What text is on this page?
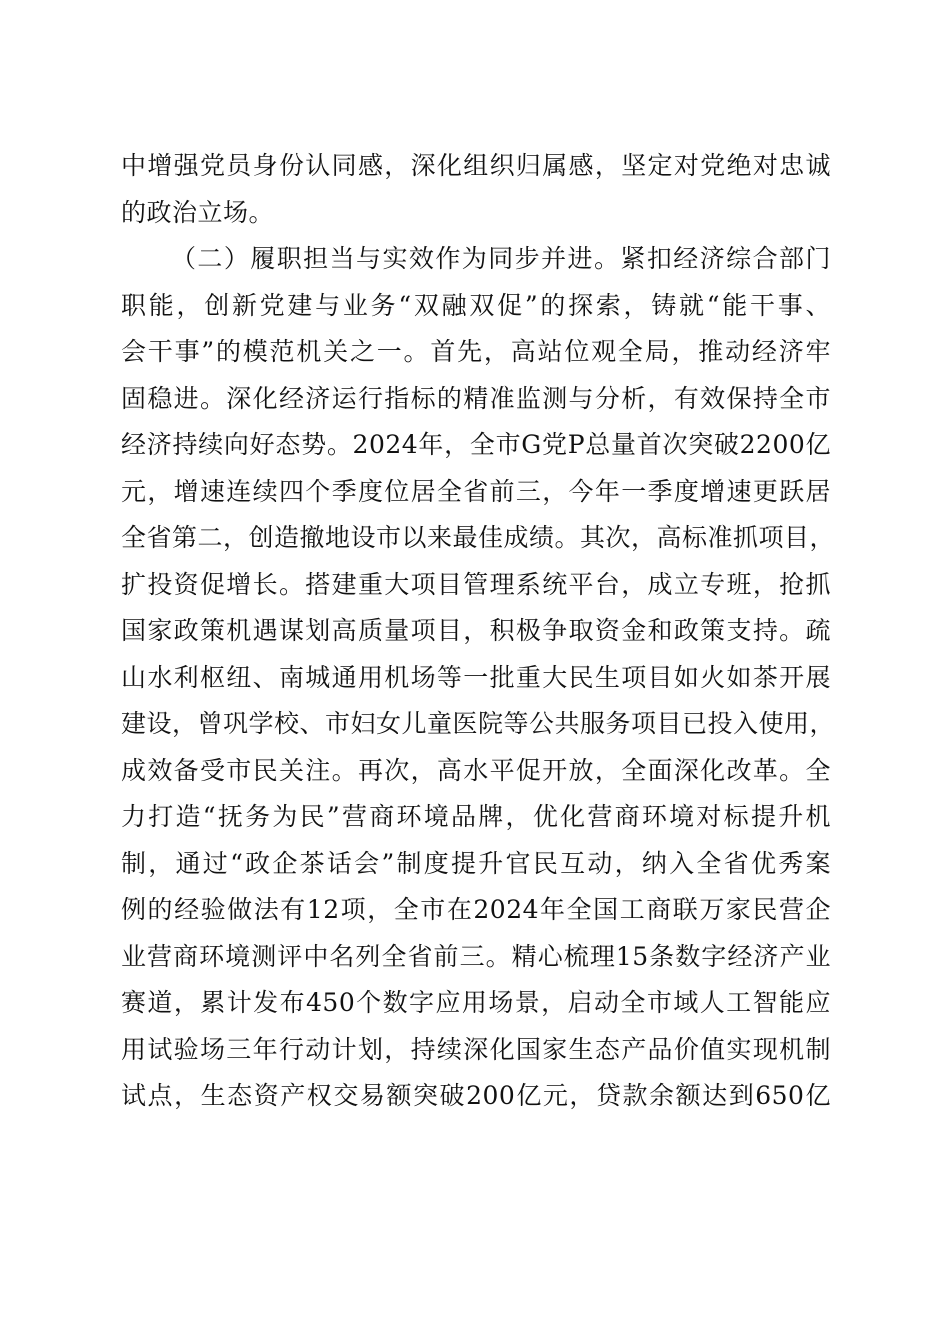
中增强党员身份认同感，深化组织归属感，坚定对党绝对忠诚
的政治立场。
（二）履职担当与实效作为同步并进。紧扣经济综合部门
职能，创新党建与业务“双融双促”的探索，铸就“能干事、
会干事”的模范机关之一。首先，高站位观全局，推动经济牢
固稳进。深化经济运行指标的精准监测与分析，有效保持全市
经济持续向好态势。2024年，全市G党P总量首次突破2200亿
元，增速连续四个季度位居全省前三，今年一季度增速更跃居
全省第二，创造撤地设市以来最佳成绩。其次，高标准抓项目，
扩投资促增长。搭建重大项目管理系统平台，成立专班，抢抓
国家政策机遇谋划高质量项目，积极争取资金和政策支持。疏
山水利枢纽、南城通用机场等一批重大民生项目如火如茶开展
建设，曾巩学校、市妇女儿童医院等公共服务项目已投入使用，
成效备受市民关注。再次，高水平促开放，全面深化改革。全
力打造“抚务为民”营商环境品牌，优化营商环境对标提升机
制，通过“政企茶话会”制度提升官民互动，纳入全省优秀案
例的经验做法有12项，全市在2024年全国工商联万家民营企
业营商环境测评中名列全省前三。精心梳理15条数字经济产业
赛道，累计发布450个数字应用场景，启动全市域人工智能应
用试验场三年行动计划，持续深化国家生态产品价值实现机制
试点，生态资产权交易额突破200亿元，贷款余额达到650亿
